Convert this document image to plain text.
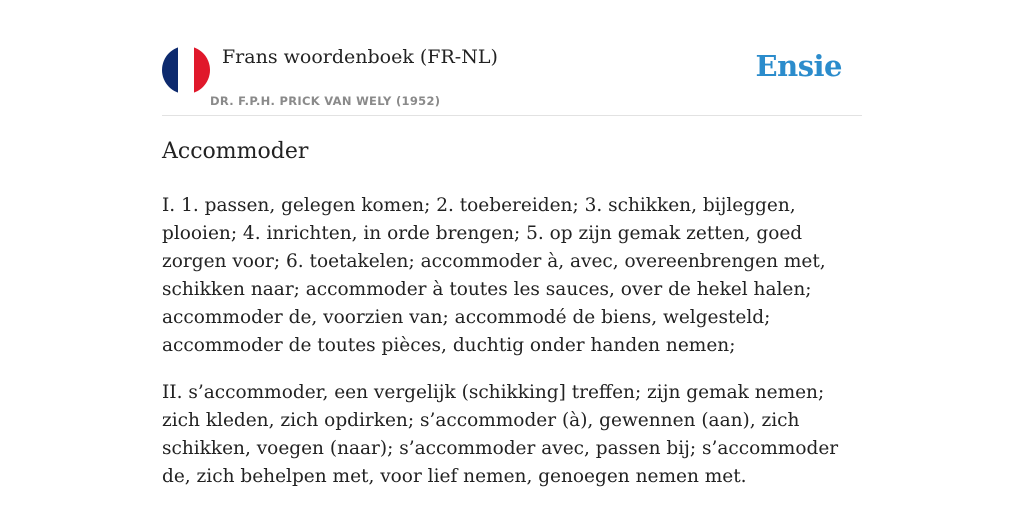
Frans woordenboek (FR-NL)
DR. F.P.H. PRICK VAN WELY (1952)
Ensie
Accommoder

I. 1. passen, gelegen komen; 2. toebereiden; 3. schikken, bijleggen, plooien; 4. inrichten, in orde brengen; 5. op zijn gemak zetten, goed zorgen voor; 6. toetakelen; accommoder à, avec, overeenbrengen met, schikken naar; accommoder à toutes les sauces, over de hekel halen; accommoder de, voorzien van; accommodé de biens, welgesteld; accommoder de toutes pièces, duchtig onder handen nemen;

II. s’accommoder, een vergelijk (schikking] treffen; zijn gemak nemen; zich kleden, zich opdirken; s’accommoder (à), gewennen (aan), zich schikken, voegen (naar); s’accommoder avec, passen bij; s’accommoder de, zich behelpen met, voor lief nemen, genoegen nemen met.
